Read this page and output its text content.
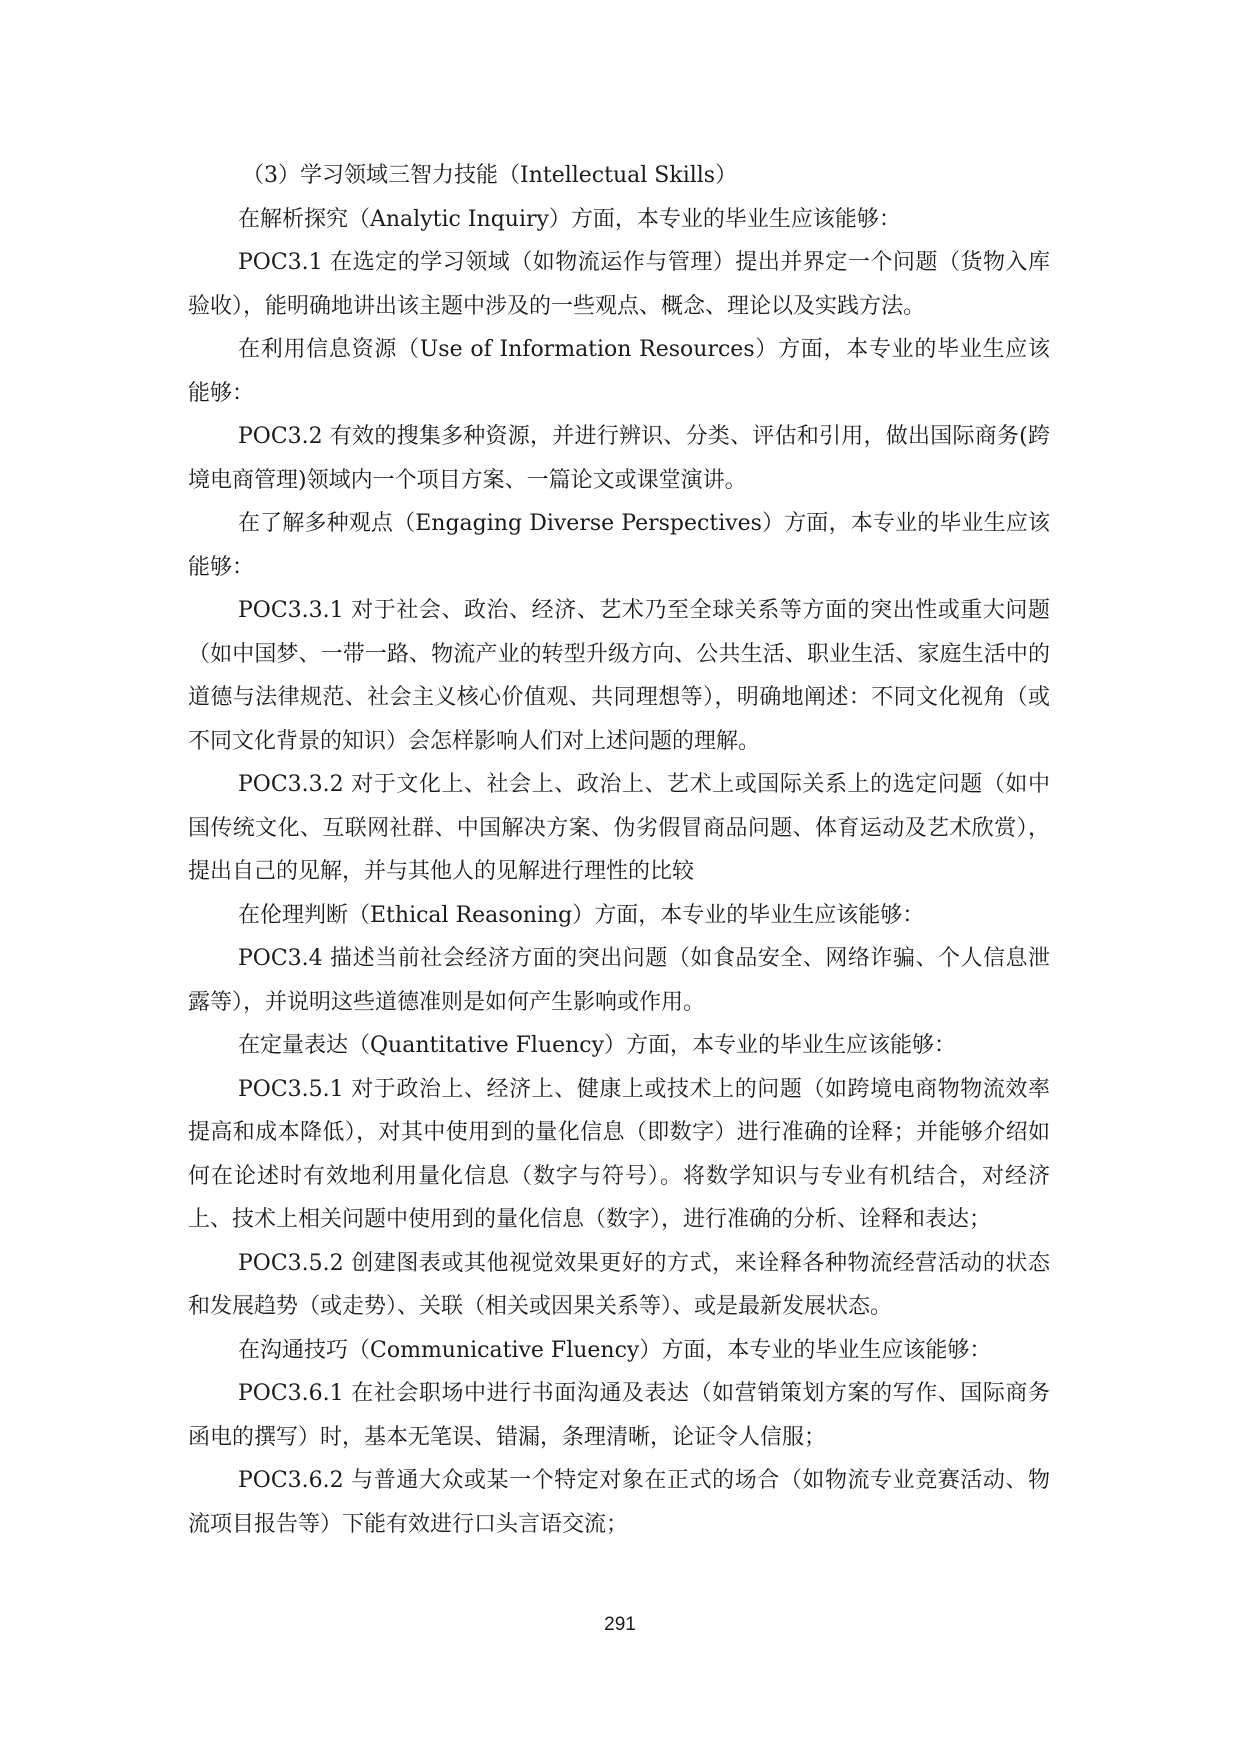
（3）学习领域三智力技能（Intellectual Skills）

在解析探究（Analytic Inquiry）方面，本专业的毕业生应该能够：

POC3.1 在选定的学习领域（如物流运作与管理）提出并界定一个问题（货物入库验收），能明确地讲出该主题中涉及的一些观点、概念、理论以及实践方法。

在利用信息资源（Use of Information Resources）方面，本专业的毕业生应该能够：

POC3.2 有效的搜集多种资源，并进行辨识、分类、评估和引用，做出国际商务(跨境电商管理)领域内一个项目方案、一篇论文或课堂演讲。

在了解多种观点（Engaging Diverse Perspectives）方面，本专业的毕业生应该能够：

POC3.3.1 对于社会、政治、经济、艺术乃至全球关系等方面的突出性或重大问题（如中国梦、一带一路、物流产业的转型升级方向、公共生活、职业生活、家庭生活中的道德与法律规范、社会主义核心价值观、共同理想等），明确地阐述：不同文化视角（或不同文化背景的知识）会怎样影响人们对上述问题的理解。

POC3.3.2 对于文化上、社会上、政治上、艺术上或国际关系上的选定问题（如中国传统文化、互联网社群、中国解决方案、伪劣假冒商品问题、体育运动及艺术欣赏），提出自己的见解，并与其他人的见解进行理性的比较

在伦理判断（Ethical Reasoning）方面，本专业的毕业生应该能够：

POC3.4 描述当前社会经济方面的突出问题（如食品安全、网络诈骗、个人信息泄露等），并说明这些道德准则是如何产生影响或作用。

在定量表达（Quantitative Fluency）方面，本专业的毕业生应该能够：

POC3.5.1 对于政治上、经济上、健康上或技术上的问题（如跨境电商物物流效率提高和成本降低），对其中使用到的量化信息（即数字）进行准确的诠释；并能够介绍如何在论述时有效地利用量化信息（数字与符号）。将数学知识与专业有机结合，对经济上、技术上相关问题中使用到的量化信息（数字），进行准确的分析、诠释和表达；

POC3.5.2 创建图表或其他视觉效果更好的方式，来诠释各种物流经营活动的状态和发展趋势（或走势）、关联（相关或因果关系等）、或是最新发展状态。

在沟通技巧（Communicative Fluency）方面，本专业的毕业生应该能够：

POC3.6.1 在社会职场中进行书面沟通及表达（如营销策划方案的写作、国际商务函电的撰写）时，基本无笔误、错漏，条理清晰，论证令人信服；

POC3.6.2 与普通大众或某一个特定对象在正式的场合（如物流专业竞赛活动、物流项目报告等）下能有效进行口头言语交流；

291
